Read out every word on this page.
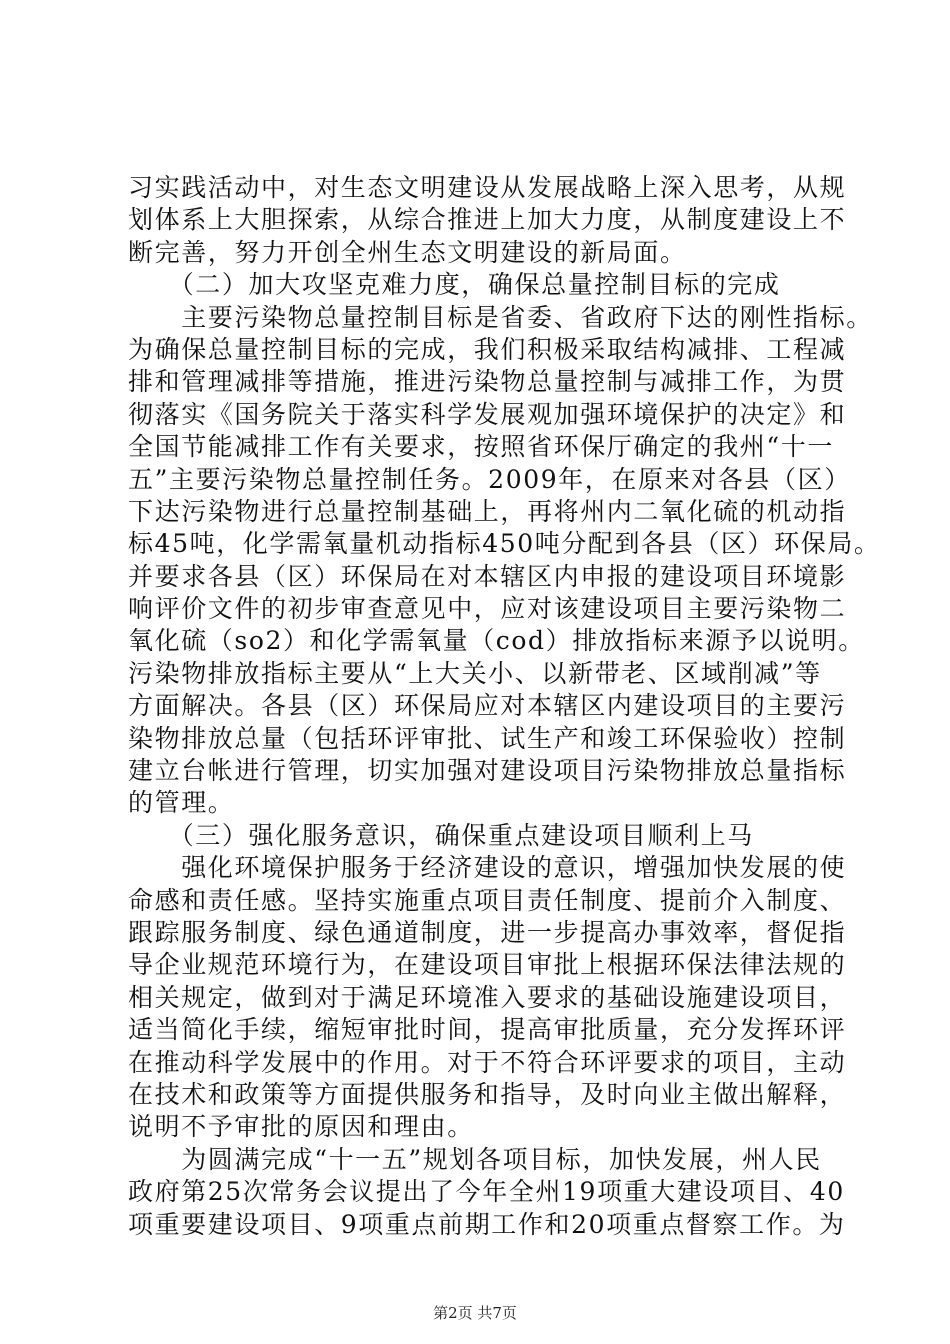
习实践活动中，对生态文明建设从发展战略上深入思考，从规
划体系上大胆探索，从综合推进上加大力度，从制度建设上不
断完善，努力开创全州生态文明建设的新局面。
　　（二）加大攻坚克难力度，确保总量控制目标的完成
　　主要污染物总量控制目标是省委、省政府下达的刚性指标。
为确保总量控制目标的完成，我们积极采取结构减排、工程减
排和管理减排等措施，推进污染物总量控制与减排工作，为贯
彻落实《国务院关于落实科学发展观加强环境保护的决定》和
全国节能减排工作有关要求，按照省环保厅确定的我州“十一
五”主要污染物总量控制任务。2009年，在原来对各县（区）
下达污染物进行总量控制基础上，再将州内二氧化硫的机动指
标45吨，化学需氧量机动指标450吨分配到各县（区）环保局。
并要求各县（区）环保局在对本辖区内申报的建设项目环境影
响评价文件的初步审查意见中，应对该建设项目主要污染物二
氧化硫（so2）和化学需氧量（cod）排放指标来源予以说明。
污染物排放指标主要从“上大关小、以新带老、区域削减”等
方面解决。各县（区）环保局应对本辖区内建设项目的主要污
染物排放总量（包括环评审批、试生产和竣工环保验收）控制
建立台帐进行管理，切实加强对建设项目污染物排放总量指标
的管理。
　　（三）强化服务意识，确保重点建设项目顺利上马
　　强化环境保护服务于经济建设的意识，增强加快发展的使
命感和责任感。坚持实施重点项目责任制度、提前介入制度、
跟踪服务制度、绿色通道制度，进一步提高办事效率，督促指
导企业规范环境行为，在建设项目审批上根据环保法律法规的
相关规定，做到对于满足环境准入要求的基础设施建设项目，
适当简化手续，缩短审批时间，提高审批质量，充分发挥环评
在推动科学发展中的作用。对于不符合环评要求的项目，主动
在技术和政策等方面提供服务和指导，及时向业主做出解释，
说明不予审批的原因和理由。
　　为圆满完成“十一五”规划各项目标，加快发展，州人民
政府第25次常务会议提出了今年全州19项重大建设项目、40
项重要建设项目、9项重点前期工作和20项重点督察工作。为
第2页 共7页
